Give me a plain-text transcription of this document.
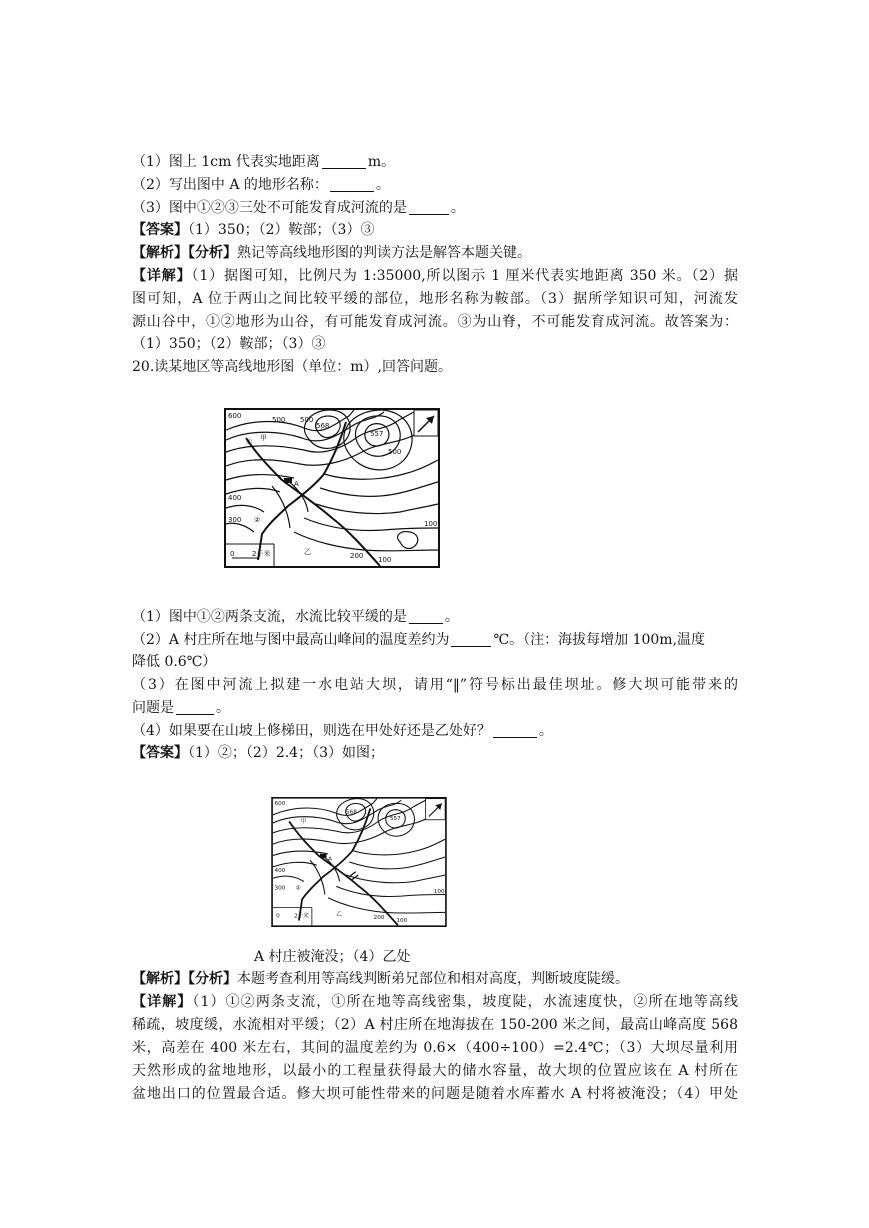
（1）图上 1cm 代表实地距离	m。
（2）写出图中 A 的地形名称：	。
（3）图中①②③三处不可能发育成河流的是	。
【答案】（1）350；（2）鞍部；（3）③
【解析】【分析】熟记等高线地形图的判读方法是解答本题关键。
【详解】（1）据图可知，比例尺为 1:35000,所以图示 1 厘米代表实地距离 350 米。（2）据
图可知，A 位于两山之间比较平缓的部位，地形名称为鞍部。（3）据所学知识可知，河流发
源山谷中，①②地形为山谷，有可能发育成河流。③为山脊，不可能发育成河流。故答案为：
（1）350；（2）鞍部；（3）③
20.读某地区等高线地形图（单位：m）,回答问题。
600	500 500
568
557
500
400
300	100
200 100
甲
乙
A
①
②
0	2千米
（1）图中①②两条支流，水流比较平缓的是	。
（2）A 村庄所在地与图中最高山峰间的温度差约为	℃。（注：海拔每增加 100m,温度
降低 0.6℃）
（3）在图中河流上拟建一水电站大坝，请用“‖”符号标出最佳坝址。修大坝可能带来的
问题是	。
（4）如果要在山坡上修梯田，则选在甲处好还是乙处好？	。
【答案】（1）②；（2）2.4；（3）如图；
600
568
557
400
300
100
200
100
甲
乙
A
②
0 2千米
A 村庄被淹没；（4）乙处
【解析】【分析】本题考查利用等高线判断弟兄部位和相对高度，判断坡度陡缓。
【详解】（1）①②两条支流，①所在地等高线密集，坡度陡，水流速度快，②所在地等高线
稀疏，坡度缓，水流相对平缓；（2）A 村庄所在地海拔在 150-200 米之间，最高山峰高度 568
米，高差在 400 米左右，其间的温度差约为 0.6×（400÷100）=2.4℃；（3）大坝尽量利用
天然形成的盆地地形，以最小的工程量获得最大的储水容量，故大坝的位置应该在 A 村所在
盆地出口的位置最合适。修大坝可能性带来的问题是随着水库蓄水 A 村将被淹没；（4）甲处
